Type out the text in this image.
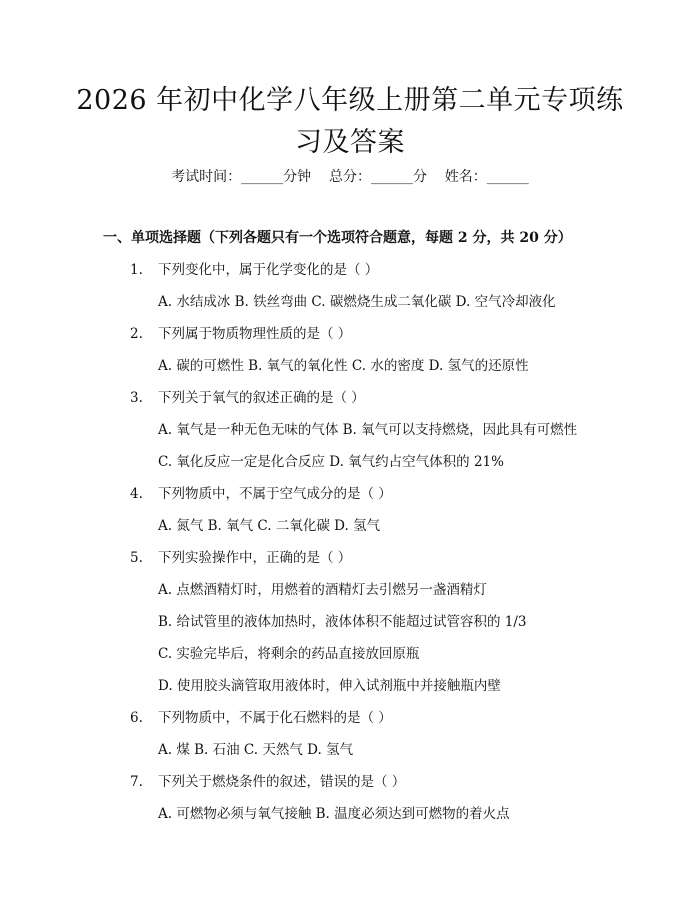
2026 年初中化学八年级上册第二单元专项练
习及答案
考试时间：______分钟    总分：______分    姓名：______
一、单项选择题（下列各题只有一个选项符合题意，每题 2 分，共 20 分）
1. 下列变化中，属于化学变化的是（ ）
A. 水结成冰 B. 铁丝弯曲 C. 碳燃烧生成二氧化碳 D. 空气冷却液化
2. 下列属于物质物理性质的是（ ）
A. 碳的可燃性 B. 氧气的氧化性 C. 水的密度 D. 氢气的还原性
3. 下列关于氧气的叙述正确的是（ ）
A. 氧气是一种无色无味的气体 B. 氧气可以支持燃烧，因此具有可燃性
C. 氧化反应一定是化合反应 D. 氧气约占空气体积的 21%
4. 下列物质中，不属于空气成分的是（ ）
A. 氮气 B. 氧气 C. 二氧化碳 D. 氢气
5. 下列实验操作中，正确的是（ ）
A. 点燃酒精灯时，用燃着的酒精灯去引燃另一盏酒精灯
B. 给试管里的液体加热时，液体体积不能超过试管容积的 1/3
C. 实验完毕后，将剩余的药品直接放回原瓶
D. 使用胶头滴管取用液体时，伸入试剂瓶中并接触瓶内壁
6. 下列物质中，不属于化石燃料的是（ ）
A. 煤 B. 石油 C. 天然气 D. 氢气
7. 下列关于燃烧条件的叙述，错误的是（ ）
A. 可燃物必须与氧气接触 B. 温度必须达到可燃物的着火点
